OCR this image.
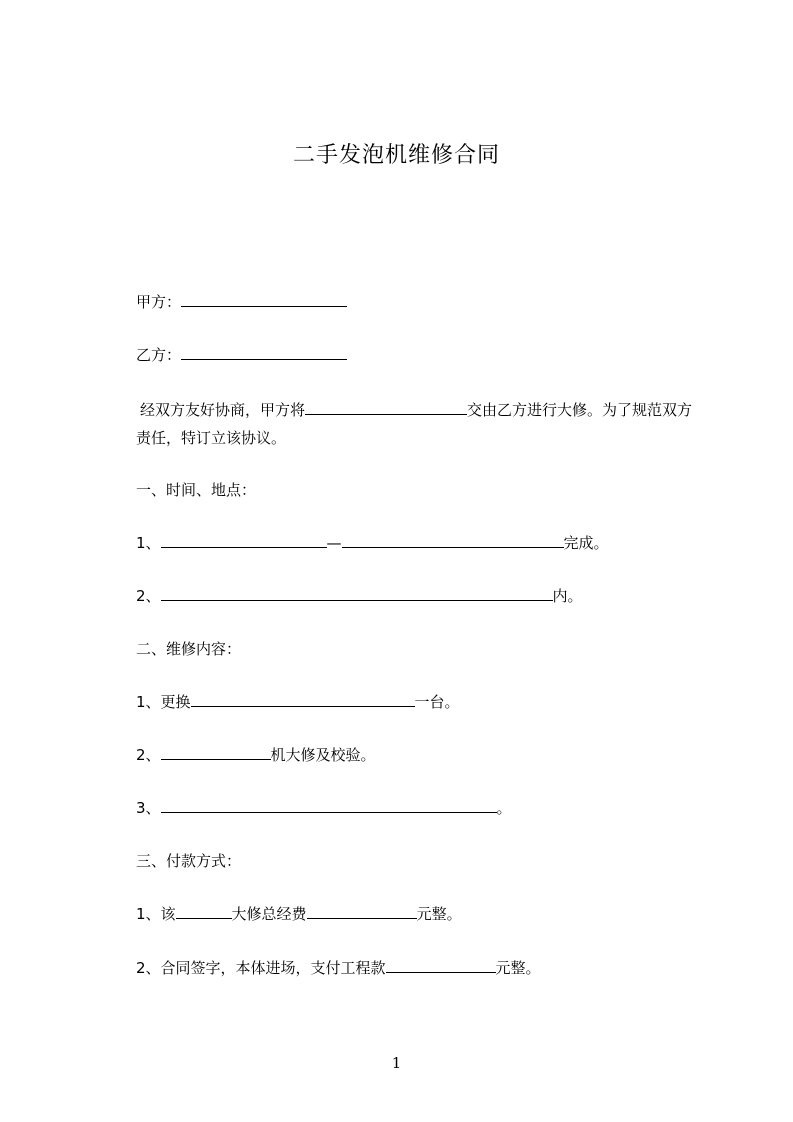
二手发泡机维修合同
甲方：
乙方：
经双方友好协商，甲方将	交由乙方进行大修。为了规范双方责任，特订立该协议。
一、时间、地点：
1、	—	完成。
2、	内。
二、维修内容：
1、更换	一台。
2、	机大修及校验。
3、	。
三、付款方式：
1、该	大修总经费	元整。
2、合同签字，本体进场，支付工程款	元整。
1
